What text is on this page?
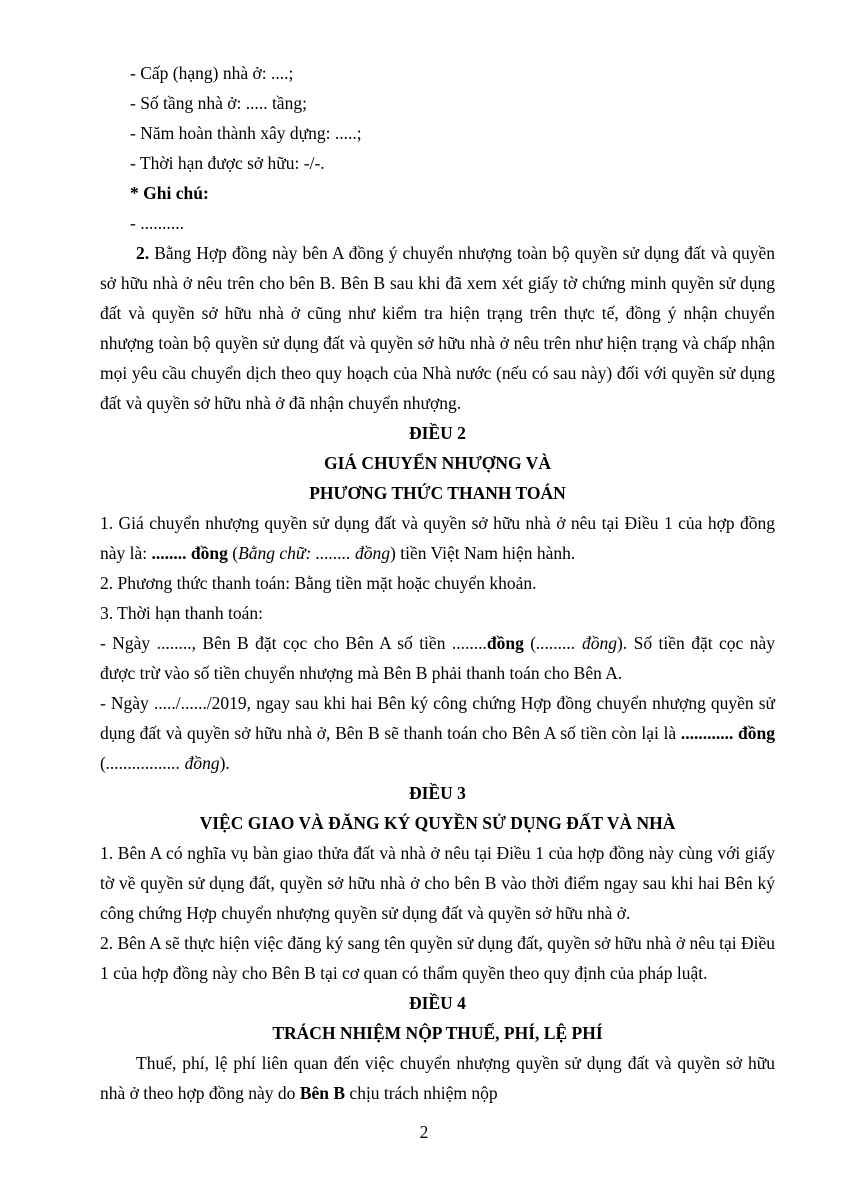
- Cấp (hạng) nhà ở: ....;

- Số tầng nhà ở: ..... tầng;

- Năm hoàn thành xây dựng: .....;

- Thời hạn được sở hữu: -/-.

* Ghi chú:

- ..........

2. Bằng Hợp đồng này bên A đồng ý chuyển nhượng toàn bộ quyền sử dụng đất và quyền sở hữu nhà ở nêu trên cho bên B. Bên B sau khi đã xem xét giấy tờ chứng minh quyền sử dụng đất và quyền sở hữu nhà ở cũng như kiểm tra hiện trạng trên thực tế, đồng ý nhận chuyển nhượng toàn bộ quyền sử dụng đất và quyền sở hữu nhà ở nêu trên như hiện trạng và chấp nhận mọi yêu cầu chuyển dịch theo quy hoạch của Nhà nước (nếu có sau này) đối với quyền sử dụng đất và quyền sở hữu nhà ở đã nhận chuyển nhượng.

ĐIỀU 2

GIÁ CHUYỂN NHƯỢNG VÀ

PHƯƠNG THỨC THANH TOÁN

1. Giá chuyển nhượng quyền sử dụng đất và quyền sở hữu nhà ở nêu tại Điều 1 của hợp đồng này là: ........ đồng (Bằng chữ: ........ đồng) tiền Việt Nam hiện hành.

2. Phương thức thanh toán: Bằng tiền mặt hoặc chuyển khoản.

3. Thời hạn thanh toán:

- Ngày ........, Bên B đặt cọc cho Bên A số tiền ........đồng (......... đồng). Số tiền đặt cọc này được trừ vào số tiền chuyển nhượng mà Bên B phải thanh toán cho Bên A.

- Ngày ...../....../2019, ngay sau khi hai Bên ký công chứng Hợp đồng chuyển nhượng quyền sử dụng đất và quyền sở hữu nhà ở, Bên B sẽ thanh toán cho Bên A số tiền còn lại là ............ đồng (................. đồng).

ĐIỀU 3

VIỆC GIAO VÀ ĐĂNG KÝ QUYỀN SỬ DỤNG ĐẤT VÀ NHÀ

1. Bên A có nghĩa vụ bàn giao thửa đất và nhà ở nêu tại Điều 1 của hợp đồng này cùng với giấy tờ về quyền sử dụng đất, quyền sở hữu nhà ở cho bên B vào thời điểm ngay sau khi hai Bên ký công chứng Hợp chuyển nhượng quyền sử dụng đất và quyền sở hữu nhà ở.

2. Bên A sẽ thực hiện việc đăng ký sang tên quyền sử dụng đất, quyền sở hữu nhà ở nêu tại Điều 1 của hợp đồng này cho Bên B tại cơ quan có thẩm quyền theo quy định của pháp luật.

ĐIỀU 4

TRÁCH NHIỆM NỘP THUẾ, PHÍ, LỆ PHÍ

Thuế, phí, lệ phí liên quan đến việc chuyển nhượng quyền sử dụng đất và quyền sở hữu nhà ở theo hợp đồng này do Bên B chịu trách nhiệm nộp

2
